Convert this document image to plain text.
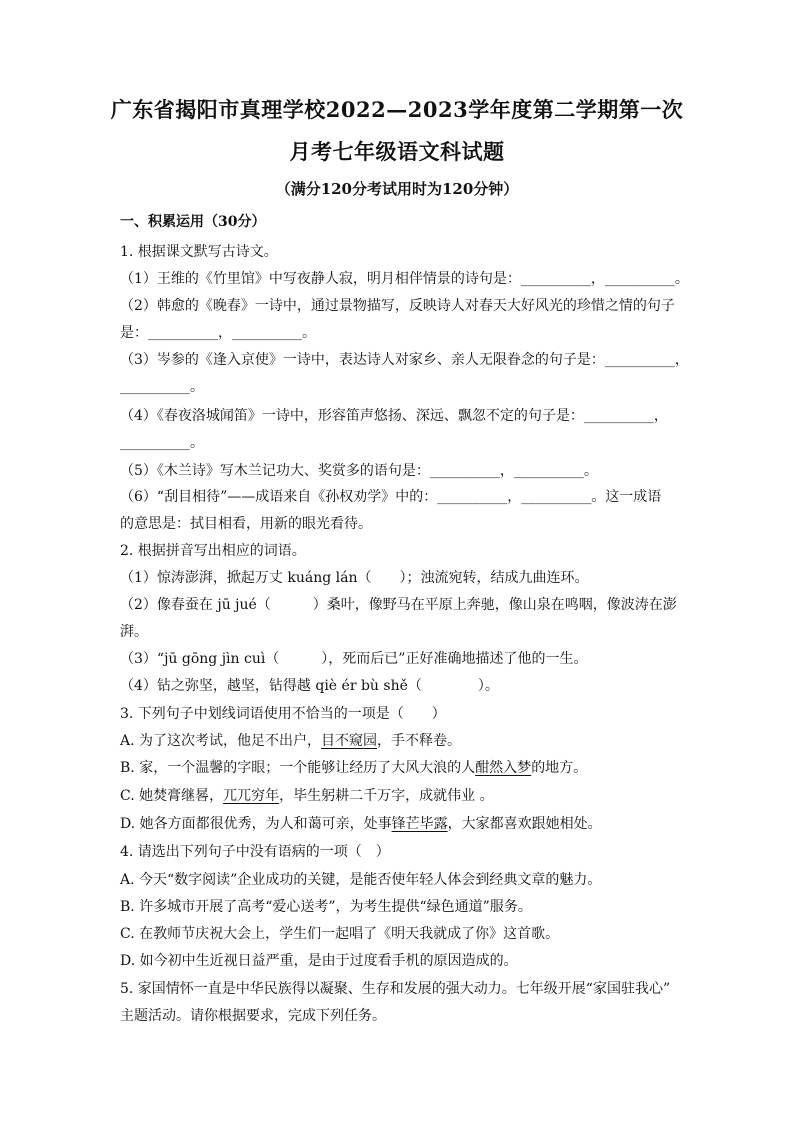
广东省揭阳市真理学校2022—2023学年度第二学期第一次
月考七年级语文科试题
（满分120分考试用时为120分钟）
一、积累运用（30分）
1. 根据课文默写古诗文。
（1）王维的《竹里馆》中写夜静人寂，明月相伴情景的诗句是：__________，__________。
（2）韩愈的《晚春》一诗中，通过景物描写，反映诗人对春天大好风光的珍惜之情的句子
是：__________，__________。
（3）岑参的《逢入京使》一诗中，表达诗人对家乡、亲人无限眷念的句子是：__________，
__________。
（4）《春夜洛城闻笛》一诗中，形容笛声悠扬、深远、飘忽不定的句子是：__________，
__________。
（5）《木兰诗》写木兰记功大、奖赏多的语句是：__________，__________。
（6）“刮目相待”——成语来自《孙权劝学》中的：__________，__________。这一成语
的意思是：拭目相看，用新的眼光看待。
2. 根据拼音写出相应的词语。
（1）惊涛澎湃，掀起万丈 kuáng lán（　　）；浊流宛转，结成九曲连环。
（2）像春蚕在 jū jué（　　　）桑叶，像野马在平原上奔驰，像山泉在鸣咽，像波涛在澎
湃。
（3）“jū gōng jìn cuì（　　　），死而后已”正好准确地描述了他的一生。
（4）钻之弥坚，越坚，钻得越 qiè ér bù shě（　　　　）。
3. 下列句子中划线词语使用不恰当的一项是（　　）
A. 为了这次考试，他足不出户，目不窥园，手不释卷。
B. 家，一个温馨的字眼；一个能够让经历了大风大浪的人酣然入梦的地方。
C. 她焚膏继晷，兀兀穷年，毕生躬耕二千万字，成就伟业 。
D. 她各方面都很优秀，为人和蔼可亲，处事锋芒毕露，大家都喜欢跟她相处。
4. 请选出下列句子中没有语病的一项（　）
A. 今天“数字阅读”企业成功的关键，是能否使年轻人体会到经典文章的魅力。
B. 许多城市开展了高考“爱心送考”，为考生提供“绿色通道”服务。
C. 在教师节庆祝大会上，学生们一起唱了《明天我就成了你》这首歌。
D. 如今初中生近视日益严重，是由于过度看手机的原因造成的。
5. 家国情怀一直是中华民族得以凝聚、生存和发展的强大动力。七年级开展“家国驻我心”
主题活动。请你根据要求，完成下列任务。
